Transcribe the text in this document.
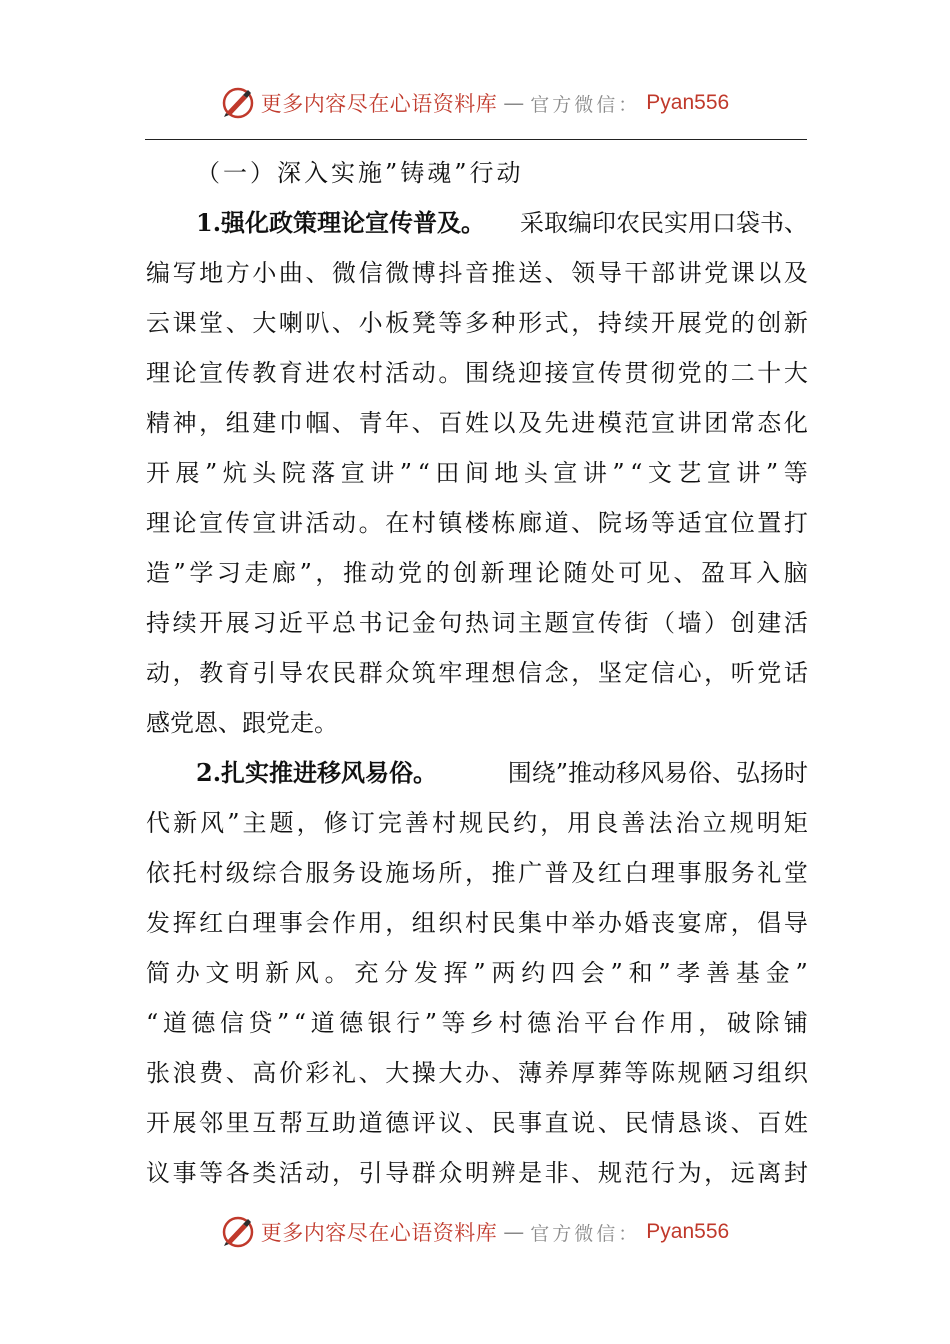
更多内容尽在心语资料库 — 官方微信： Pyan556
（一）深入实施”铸魂”行动
1.强化政策理论宣传普及。 采取编印农民实用口袋书、
编 写 地 方 小 曲 、 微 信 微 博 抖 音 推 送 、 领 导 干 部 讲 党 课 以 及
云 课 堂 、 大 喇 叭 、 小 板 凳 等 多 种 形 式 ， 持 续 开 展 党 的 创 新
理 论 宣 传 教 育 进 农 村 活 动 。 围 绕 迎 接 宣 传 贯 彻 党 的 二 十 大
精 神 ， 组 建 巾 帼 、 青 年 、 百 姓 以 及 先 进 模 范 宣 讲 团 常 态 化
开 展 ” 炕 头 院 落 宣 讲 ” “ 田 间 地 头 宣 讲 ” “ 文 艺 宣 讲 ” 等
理 论 宣 传 宣 讲 活 动 。 在 村 镇 楼 栋 廊 道 、 院 场 等 适 宜 位 置 打
造 ” 学 习 走 廊 ” ， 推 动 党 的 创 新 理 论 随 处 可 见 、 盈 耳 入 脑
持 续 开 展 习 近 平 总 书 记 金 句 热 词 主 题 宣 传 街 （ 墙 ） 创 建 活
动 ， 教 育 引 导 农 民 群 众 筑 牢 理 想 信 念 ， 坚 定 信 心 ， 听 党 话
感党恩、跟党走。
2.扎实推进移风易俗。	围绕”推动移风易俗、弘扬时
代 新 风 ” 主 题 ， 修 订 完 善 村 规 民 约 ， 用 良 善 法 治 立 规 明 矩
依 托 村 级 综 合 服 务 设 施 场 所 ， 推 广 普 及 红 白 理 事 服 务 礼 堂
发 挥 红 白 理 事 会 作 用 ， 组 织 村 民 集 中 举 办 婚 丧 宴 席 ， 倡 导
简 办 文 明 新 风 。 充 分 发 挥 ” 两 约 四 会 ” 和 ” 孝 善 基 金 ”
“ 道 德 信 贷 ” “ 道 德 银 行 ” 等 乡 村 德 治 平 台 作 用 ， 破 除 铺
张 浪 费 、 高 价 彩 礼 、 大 操 大 办 、 薄 养 厚 葬 等 陈 规 陋 习 组 织
开 展 邻 里 互 帮 互 助 道 德 评 议 、 民 事 直 说 、 民 情 恳 谈 、 百 姓
议 事 等 各 类 活 动 ， 引 导 群 众 明 辨 是 非 、 规 范 行 为 ， 远 离 封
更多内容尽在心语资料库 — 官方微信： Pyan556
